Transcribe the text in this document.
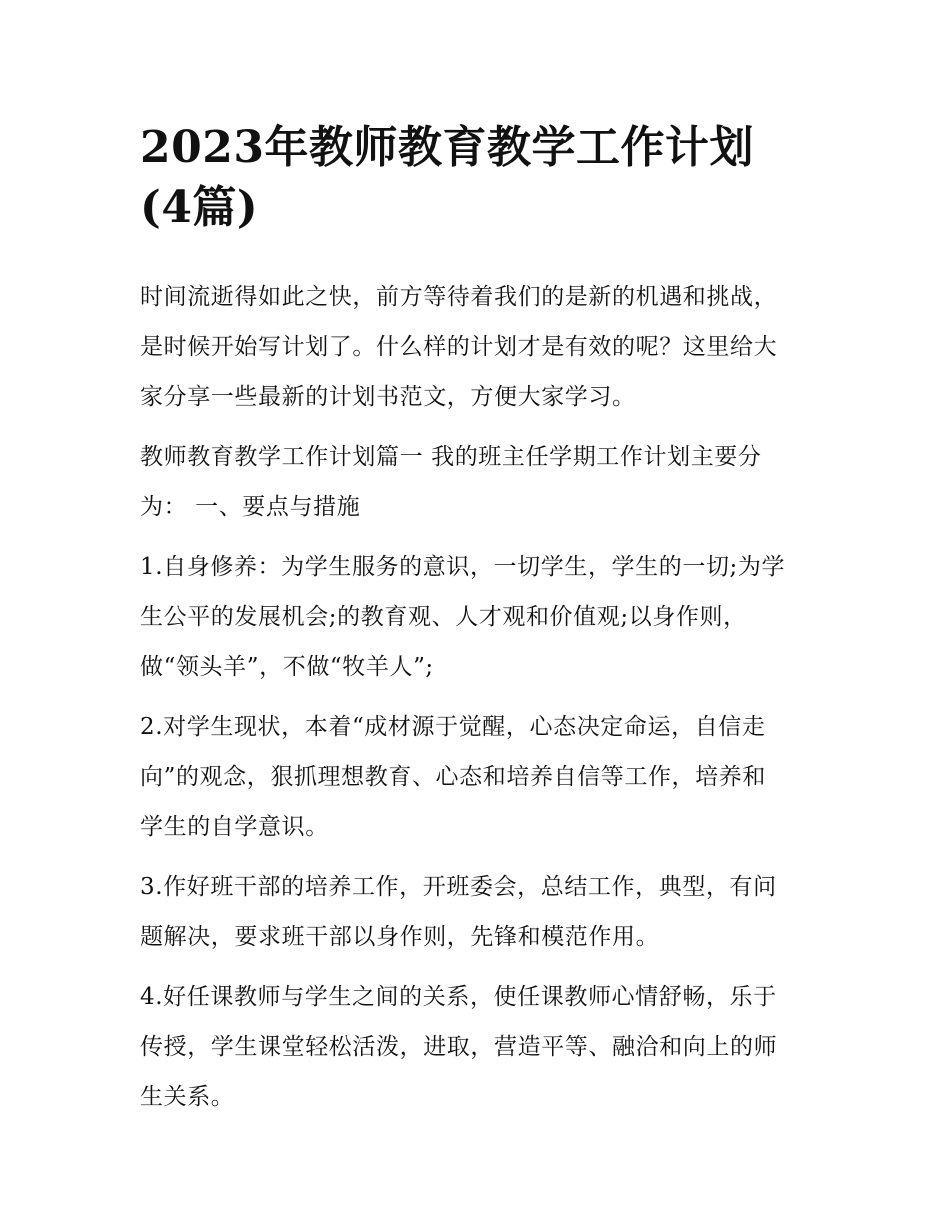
2023年教师教育教学工作计划
(4篇)

时间流逝得如此之快，前方等待着我们的是新的机遇和挑战，
是时候开始写计划了。什么样的计划才是有效的呢？这里给大
家分享一些最新的计划书范文，方便大家学习。

教师教育教学工作计划篇一 我的班主任学期工作计划主要分
为： 一、要点与措施

1.自身修养：为学生服务的意识，一切学生，学生的一切;为学
生公平的发展机会;的教育观、人才观和价值观;以身作则，
做“领头羊”，不做“牧羊人”;

2.对学生现状，本着“成材源于觉醒，心态决定命运，自信走
向”的观念，狠抓理想教育、心态和培养自信等工作，培养和
学生的自学意识。

3.作好班干部的培养工作，开班委会，总结工作，典型，有问
题解决，要求班干部以身作则，先锋和模范作用。

4.好任课教师与学生之间的关系，使任课教师心情舒畅，乐于
传授，学生课堂轻松活泼，进取，营造平等、融洽和向上的师
生关系。
